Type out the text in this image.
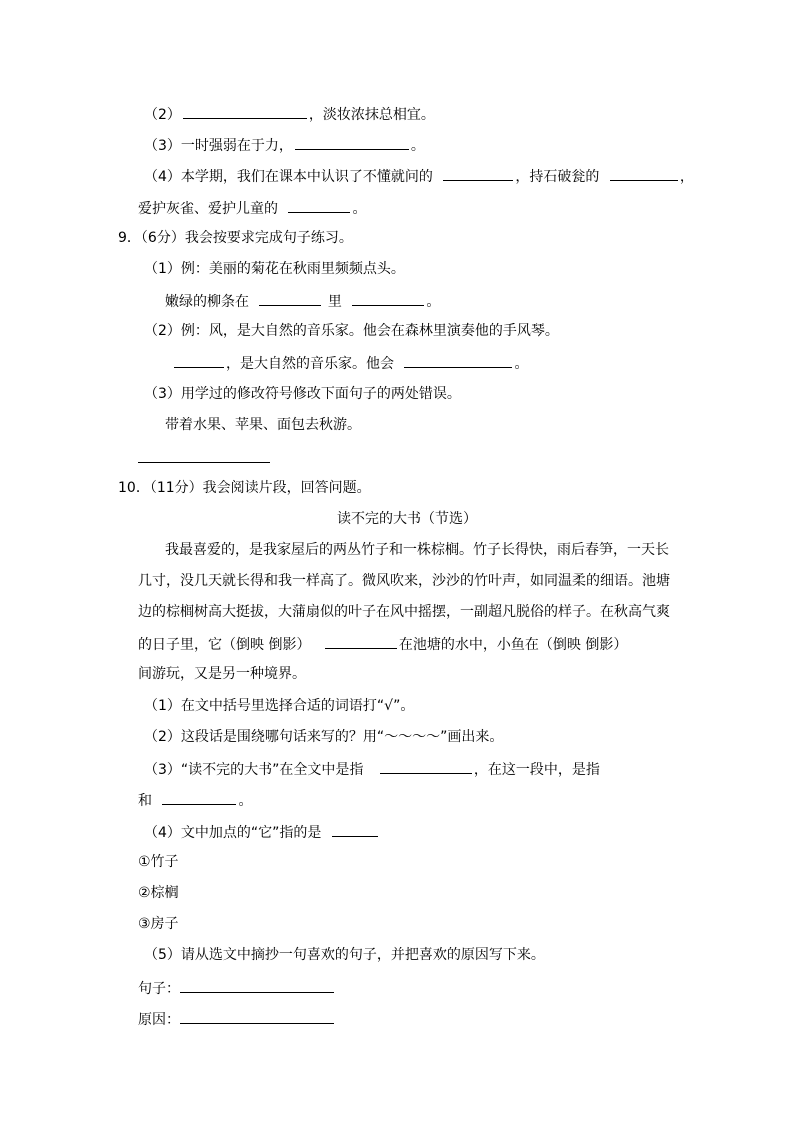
（2）	，淡妆浓抹总相宜。
（3）一时强弱在于力，	。
（4）本学期，我们在课本中认识了不懂就问的	，持石破瓮的	，
爱护灰雀、爱护儿童的	。
9．（6分）我会按要求完成句子练习。
（1）例：美丽的菊花在秋雨里频频点头。
嫩绿的柳条在	里	。
（2）例：风，是大自然的音乐家。他会在森林里演奏他的手风琴。
，是大自然的音乐家。他会	。
（3）用学过的修改符号修改下面句子的两处错误。
带着水果、苹果、面包去秋游。
10．（11分）我会阅读片段，回答问题。
读不完的大书（节选）
我最喜爱的，是我家屋后的两丛竹子和一株棕榈。竹子长得快，雨后春笋，一天长
几寸，没几天就长得和我一样高了。微风吹来，沙沙的竹叶声，如同温柔的细语。池塘
边的棕榈树高大挺拔，大蒲扇似的叶子在风中摇摆，一副超凡脱俗的样子。在秋高气爽
的日子里，它（倒映 倒影）	在池塘的水中，小鱼在（倒映 倒影）
间游玩，又是另一种境界。
（1）在文中括号里选择合适的词语打“√”。
（2）这段话是围绕哪句话来写的？用“～～～～”画出来。
（3）“读不完的大书”在全文中是指	，在这一段中，是指
和	。
（4）文中加点的“它”指的是
①竹子
②棕榈
③房子
（5）请从选文中摘抄一句喜欢的句子，并把喜欢的原因写下来。
句子：
原因：
